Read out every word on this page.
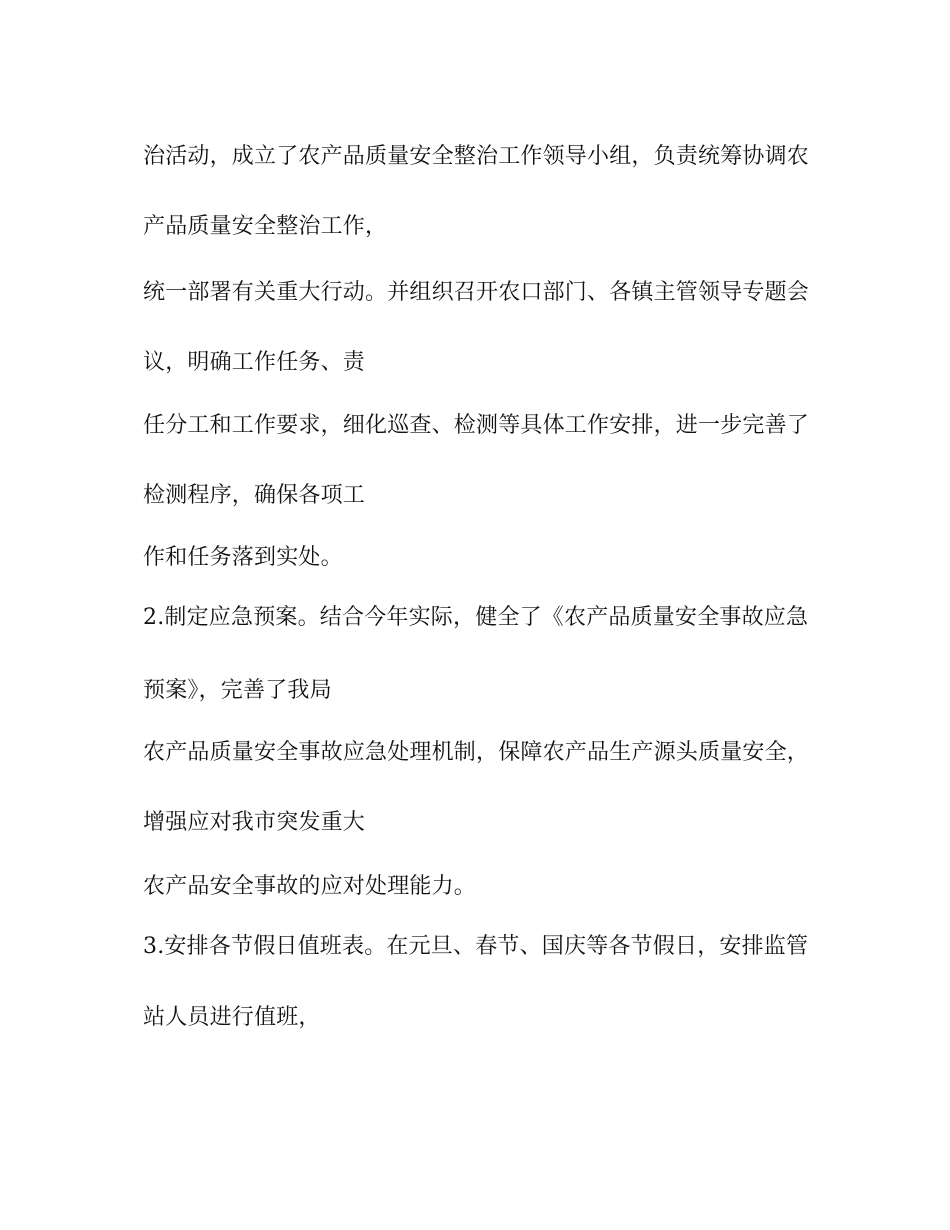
治活动，成立了农产品质量安全整治工作领导小组，负责统筹协调农
产品质量安全整治工作，
统一部署有关重大行动。并组织召开农口部门、各镇主管领导专题会
议，明确工作任务、责
任分工和工作要求，细化巡查、检测等具体工作安排，进一步完善了
检测程序，确保各项工
作和任务落到实处。
2.制定应急预案。结合今年实际，健全了《农产品质量安全事故应急
预案》，完善了我局
农产品质量安全事故应急处理机制，保障农产品生产源头质量安全，
增强应对我市突发重大
农产品安全事故的应对处理能力。
3.安排各节假日值班表。在元旦、春节、国庆等各节假日，安排监管
站人员进行值班，
